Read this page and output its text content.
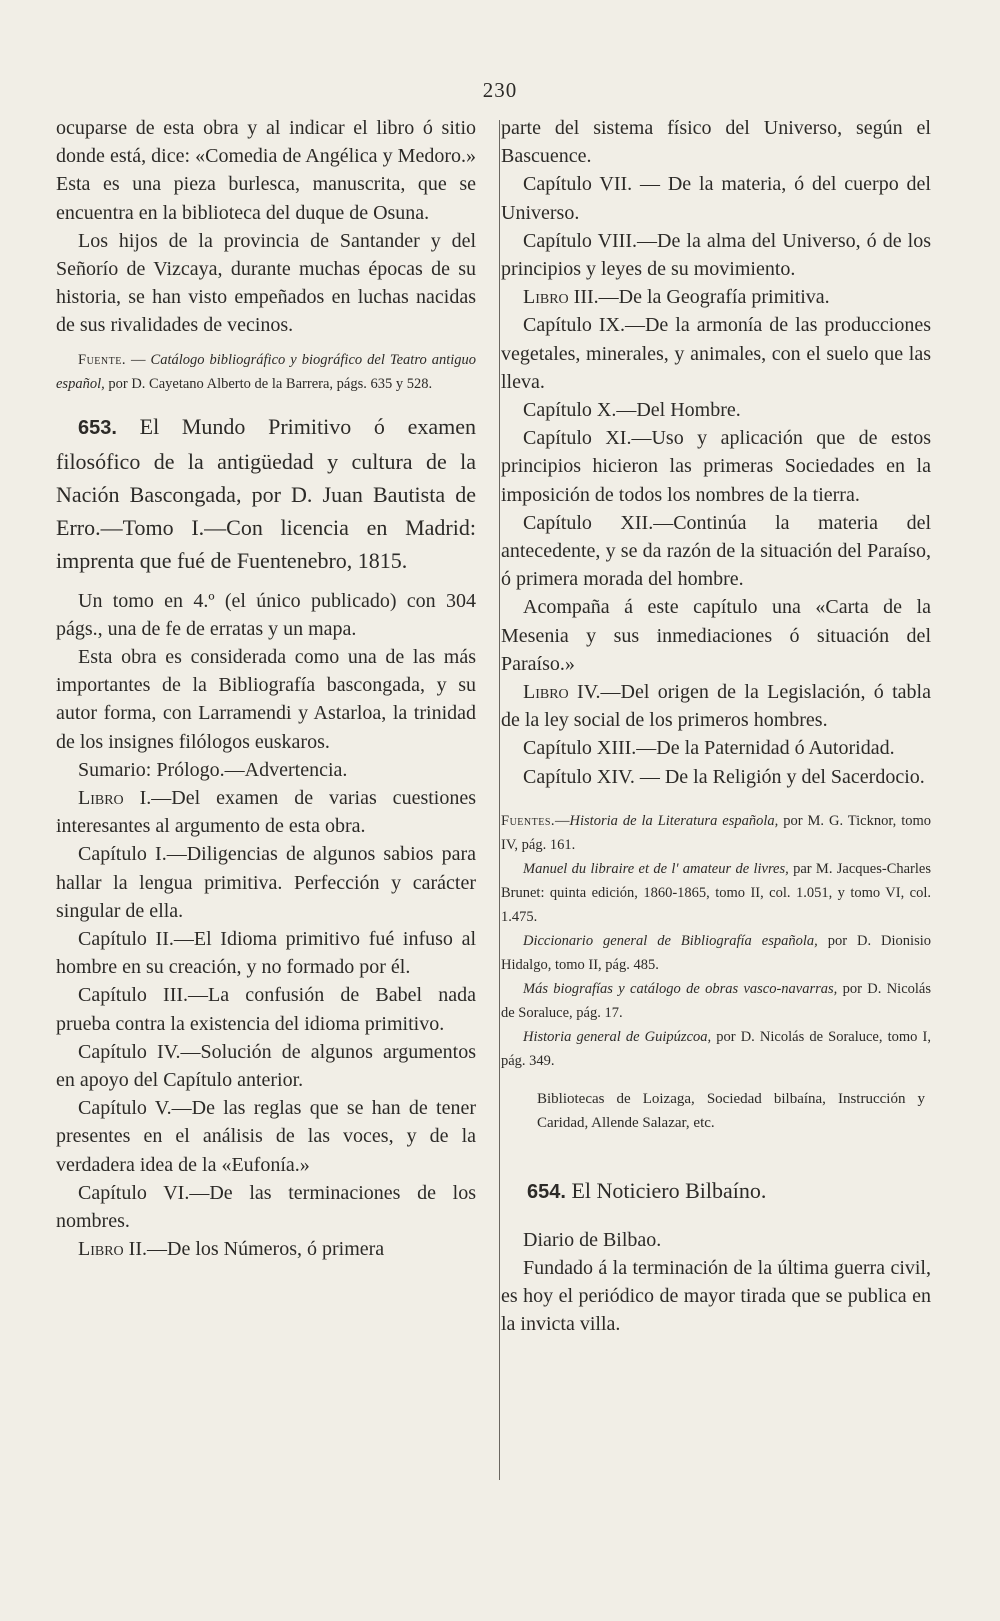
230

ocuparse de esta obra y al indicar el libro ó sitio donde está, dice: «Comedia de Angélica y Medoro.» Esta es una pieza burlesca, manuscrita, que se encuentra en la biblioteca del duque de Osuna.

Los hijos de la provincia de Santander y del Señorío de Vizcaya, durante muchas épocas de su historia, se han visto empeñados en luchas nacidas de sus rivalidades de vecinos.

Fuente. — Catálogo bibliográfico y biográfico del Teatro antiguo español, por D. Cayetano Alberto de la Barrera, págs. 635 y 528.

653. El Mundo Primitivo ó examen filosófico de la antigüedad y cultura de la Nación Bascongada, por D. Juan Bautista de Erro.—Tomo I.—Con licencia en Madrid: imprenta que fué de Fuentenebro, 1815.

Un tomo en 4.º (el único publicado) con 304 págs., una de fe de erratas y un mapa.

Esta obra es considerada como una de las más importantes de la Bibliografía bascongada, y su autor forma, con Larramendi y Astarloa, la trinidad de los insignes filólogos euskaros.

Sumario: Prólogo.—Advertencia.

Libro I.—Del examen de varias cuestiones interesantes al argumento de esta obra.

Capítulo I.—Diligencias de algunos sabios para hallar la lengua primitiva. Perfección y carácter singular de ella.

Capítulo II.—El Idioma primitivo fué infuso al hombre en su creación, y no formado por él.

Capítulo III.—La confusión de Babel nada prueba contra la existencia del idioma primitivo.

Capítulo IV.—Solución de algunos argumentos en apoyo del Capítulo anterior.

Capítulo V.—De las reglas que se han de tener presentes en el análisis de las voces, y de la verdadera idea de la «Eufonía.»

Capítulo VI.—De las terminaciones de los nombres.

Libro II.—De los Números, ó primera

parte del sistema físico del Universo, según el Bascuence.

Capítulo VII. — De la materia, ó del cuerpo del Universo.

Capítulo VIII.—De la alma del Universo, ó de los principios y leyes de su movimiento.

Libro III.—De la Geografía primitiva.

Capítulo IX.—De la armonía de las producciones vegetales, minerales, y animales, con el suelo que las lleva.

Capítulo X.—Del Hombre.

Capítulo XI.—Uso y aplicación que de estos principios hicieron las primeras Sociedades en la imposición de todos los nombres de la tierra.

Capítulo XII.—Continúa la materia del antecedente, y se da razón de la situación del Paraíso, ó primera morada del hombre.

Acompaña á este capítulo una «Carta de la Mesenia y sus inmediaciones ó situación del Paraíso.»

Libro IV.—Del origen de la Legislación, ó tabla de la ley social de los primeros hombres.

Capítulo XIII.—De la Paternidad ó Autoridad.

Capítulo XIV. — De la Religión y del Sacerdocio.

Fuentes.—Historia de la Literatura española, por M. G. Ticknor, tomo IV, pág. 161.

Manuel du libraire et de l' amateur de livres, par M. Jacques-Charles Brunet: quinta edición, 1860-1865, tomo II, col. 1.051, y tomo VI, col. 1.475.

Diccionario general de Bibliografía española, por D. Dionisio Hidalgo, tomo II, pág. 485.

Más biografías y catálogo de obras vasco-navarras, por D. Nicolás de Soraluce, pág. 17.

Historia general de Guipúzcoa, por D. Nicolás de Soraluce, tomo I, pág. 349.

Bibliotecas de Loizaga, Sociedad bilbaína, Instrucción y Caridad, Allende Salazar, etc.

654. El Noticiero Bilbaíno.

Diario de Bilbao.

Fundado á la terminación de la última guerra civil, es hoy el periódico de mayor tirada que se publica en la invicta villa.
